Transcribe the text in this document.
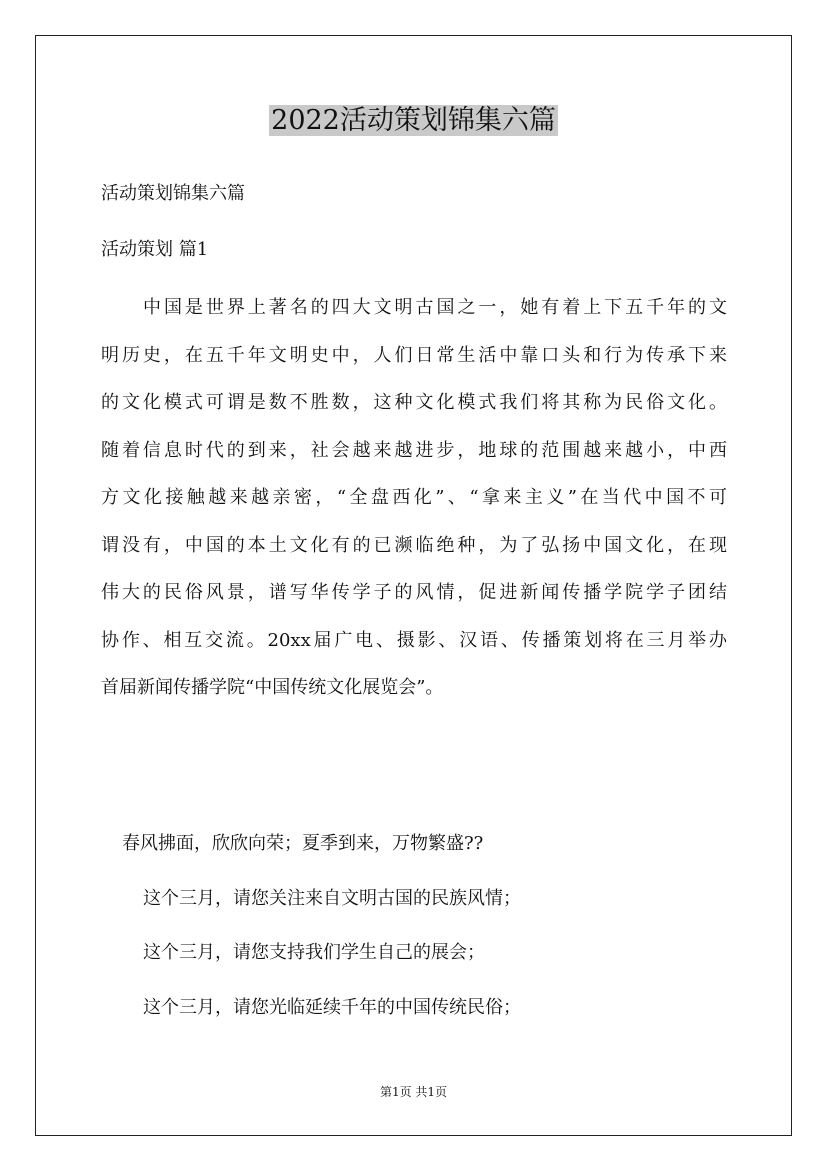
2022活动策划锦集六篇

活动策划锦集六篇

活动策划 篇1

中国是世界上著名的四大文明古国之一，她有着上下五千年的文
明历史，在五千年文明史中，人们日常生活中靠口头和行为传承下来
的文化模式可谓是数不胜数，这种文化模式我们将其称为民俗文化。
随着信息时代的到来，社会越来越进步，地球的范围越来越小，中西
方文化接触越来越亲密，“全盘西化”、“拿来主义”在当代中国不可
谓没有，中国的本土文化有的已濒临绝种，为了弘扬中国文化，在现
伟大的民俗风景，谱写华传学子的风情，促进新闻传播学院学子团结
协作、相互交流。20xx届广电、摄影、汉语、传播策划将在三月举办
首届新闻传播学院“中国传统文化展览会”。

春风拂面，欣欣向荣；夏季到来，万物繁盛??

这个三月，请您关注来自文明古国的民族风情；

这个三月，请您支持我们学生自己的展会；

这个三月，请您光临延续千年的中国传统民俗；

第1页 共1页
